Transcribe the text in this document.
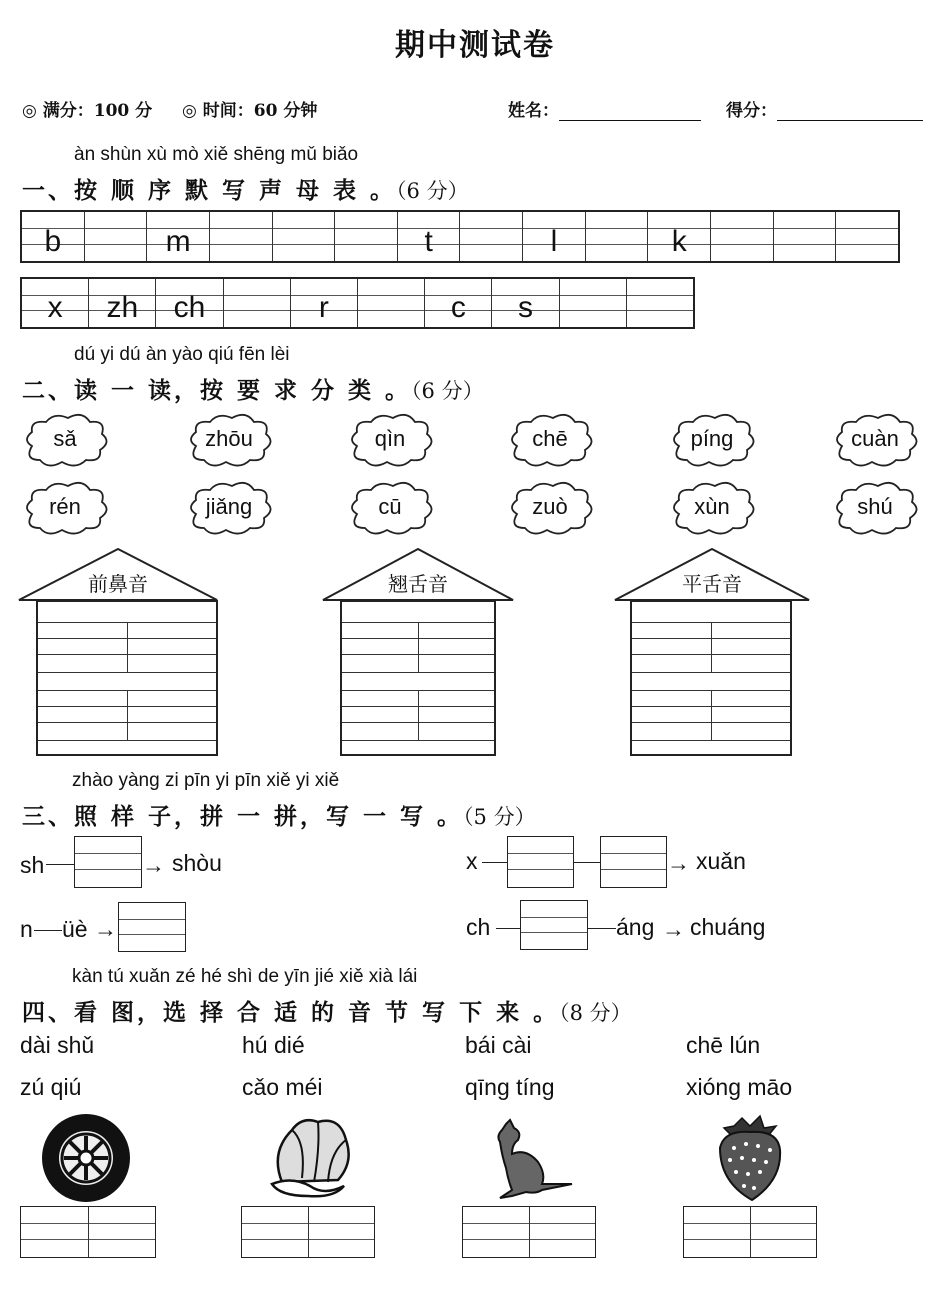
期中测试卷
◎ 满分：100 分 ◎ 时间：60 分钟	姓名：	得分：
àn shùn xù mò xiě shēng mǔ biǎo
一、按 顺 序 默 写 声 母 表 。（6 分）
b	m	t	l	k
x	zh	ch	r	c	s
dú yi dú àn yào qiú fēn lèi
二、读 一 读，按 要 求 分 类 。（6 分）
sǎ	zhōu	qìn	chē	píng	cuàn
rén	jiǎng	cū	zuò	xùn	shú
前鼻音	翘舌音	平舌音
zhào yàng zi pīn yi pīn xiě yi xiě
三、照 样 子，拼 一 拼，写 一 写 。（5 分）
sh	→ shòu	x	→ xuǎn
n üè →	ch	áng → chuáng
kàn tú xuǎn zé hé shì de yīn jié xiě xià lái
四、看 图，选 择 合 适 的 音 节 写 下 来 。（8 分）
dài shǔ	hú dié	bái cài	chē lún
zú qiú	cǎo méi	qīng tíng	xióng māo
